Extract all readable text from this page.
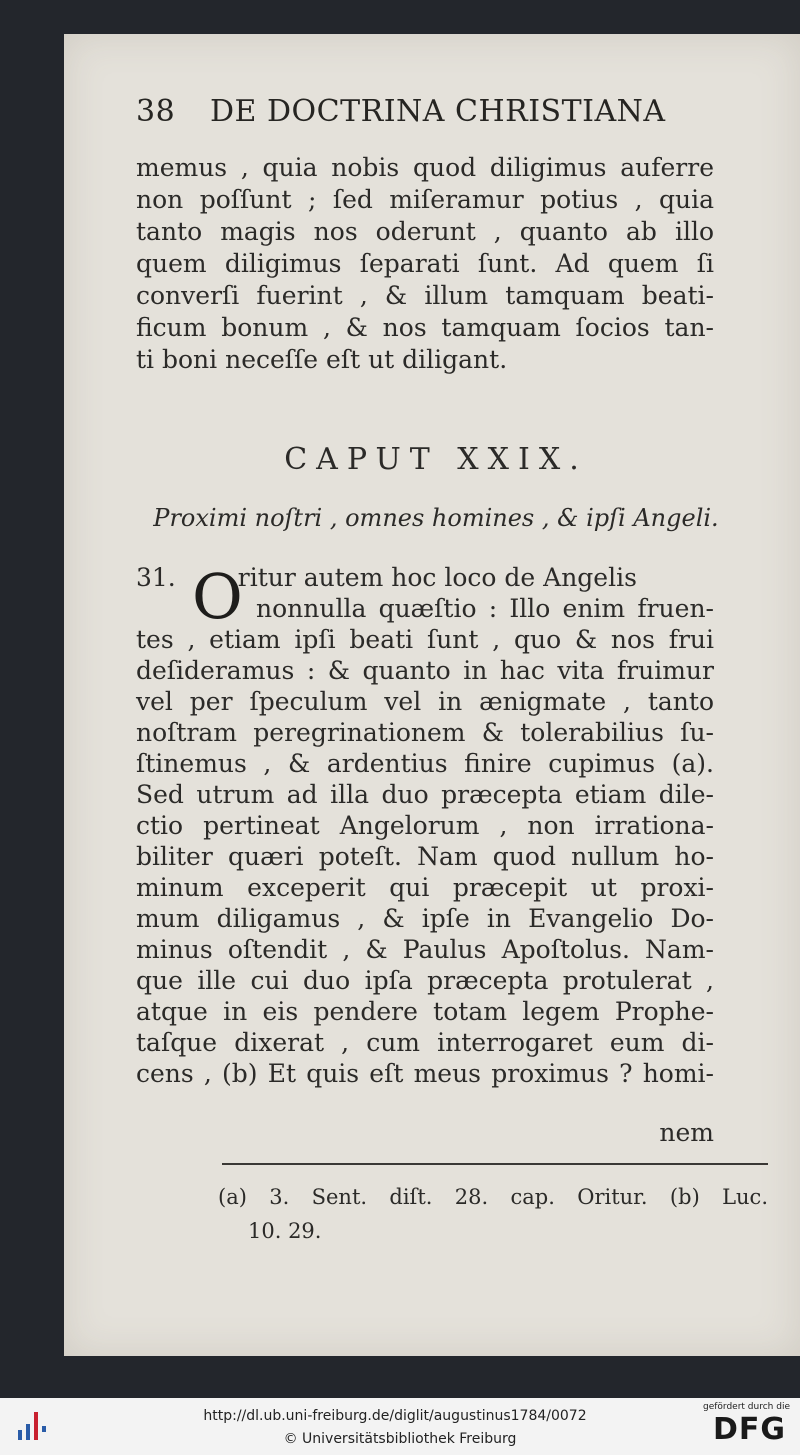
38 DE DOCTRINA CHRISTIANA
memus , quia nobis quod diligimus auferre
non poſſunt ; ſed miſeramur potius , quia
tanto magis nos oderunt , quanto ab illo
quem diligimus ſeparati ſunt. Ad quem ſi
converſi fuerint , & illum tamquam beati-
ficum bonum , & nos tamquam ſocios tan-
ti boni neceſſe eſt ut diligant.
CAPUT XXIX.
Proximi noſtri , omnes homines , & ipſi Angeli.
O
31. ritur autem hoc loco de Angelis
nonnulla quæſtio : Illo enim fruen-
tes , etiam ipſi beati ſunt , quo & nos frui
deſideramus : & quanto in hac vita fruimur
vel per ſpeculum vel in ænigmate , tanto
noſtram peregrinationem & tolerabilius ſu-
ſtinemus , & ardentius finire cupimus (a).
Sed utrum ad illa duo præcepta etiam dile-
ctio pertineat Angelorum , non irrationa-
biliter quæri poteſt. Nam quod nullum ho-
minum exceperit qui præcepit ut proxi-
mum diligamus , & ipſe in Evangelio Do-
minus oſtendit , & Paulus Apoſtolus. Nam-
que ille cui duo ipſa præcepta protulerat ,
atque in eis pendere totam legem Prophe-
taſque dixerat , cum interrogaret eum di-
cens , (b) Et quis eſt meus proximus ? homi-
nem
(a) 3. Sent. diſt. 28. cap. Oritur. (b) Luc.
10. 29.
http://dl.ub.uni-freiburg.de/diglit/augustinus1784/0072
© Universitätsbibliothek Freiburg
gefördert durch die
DFG
